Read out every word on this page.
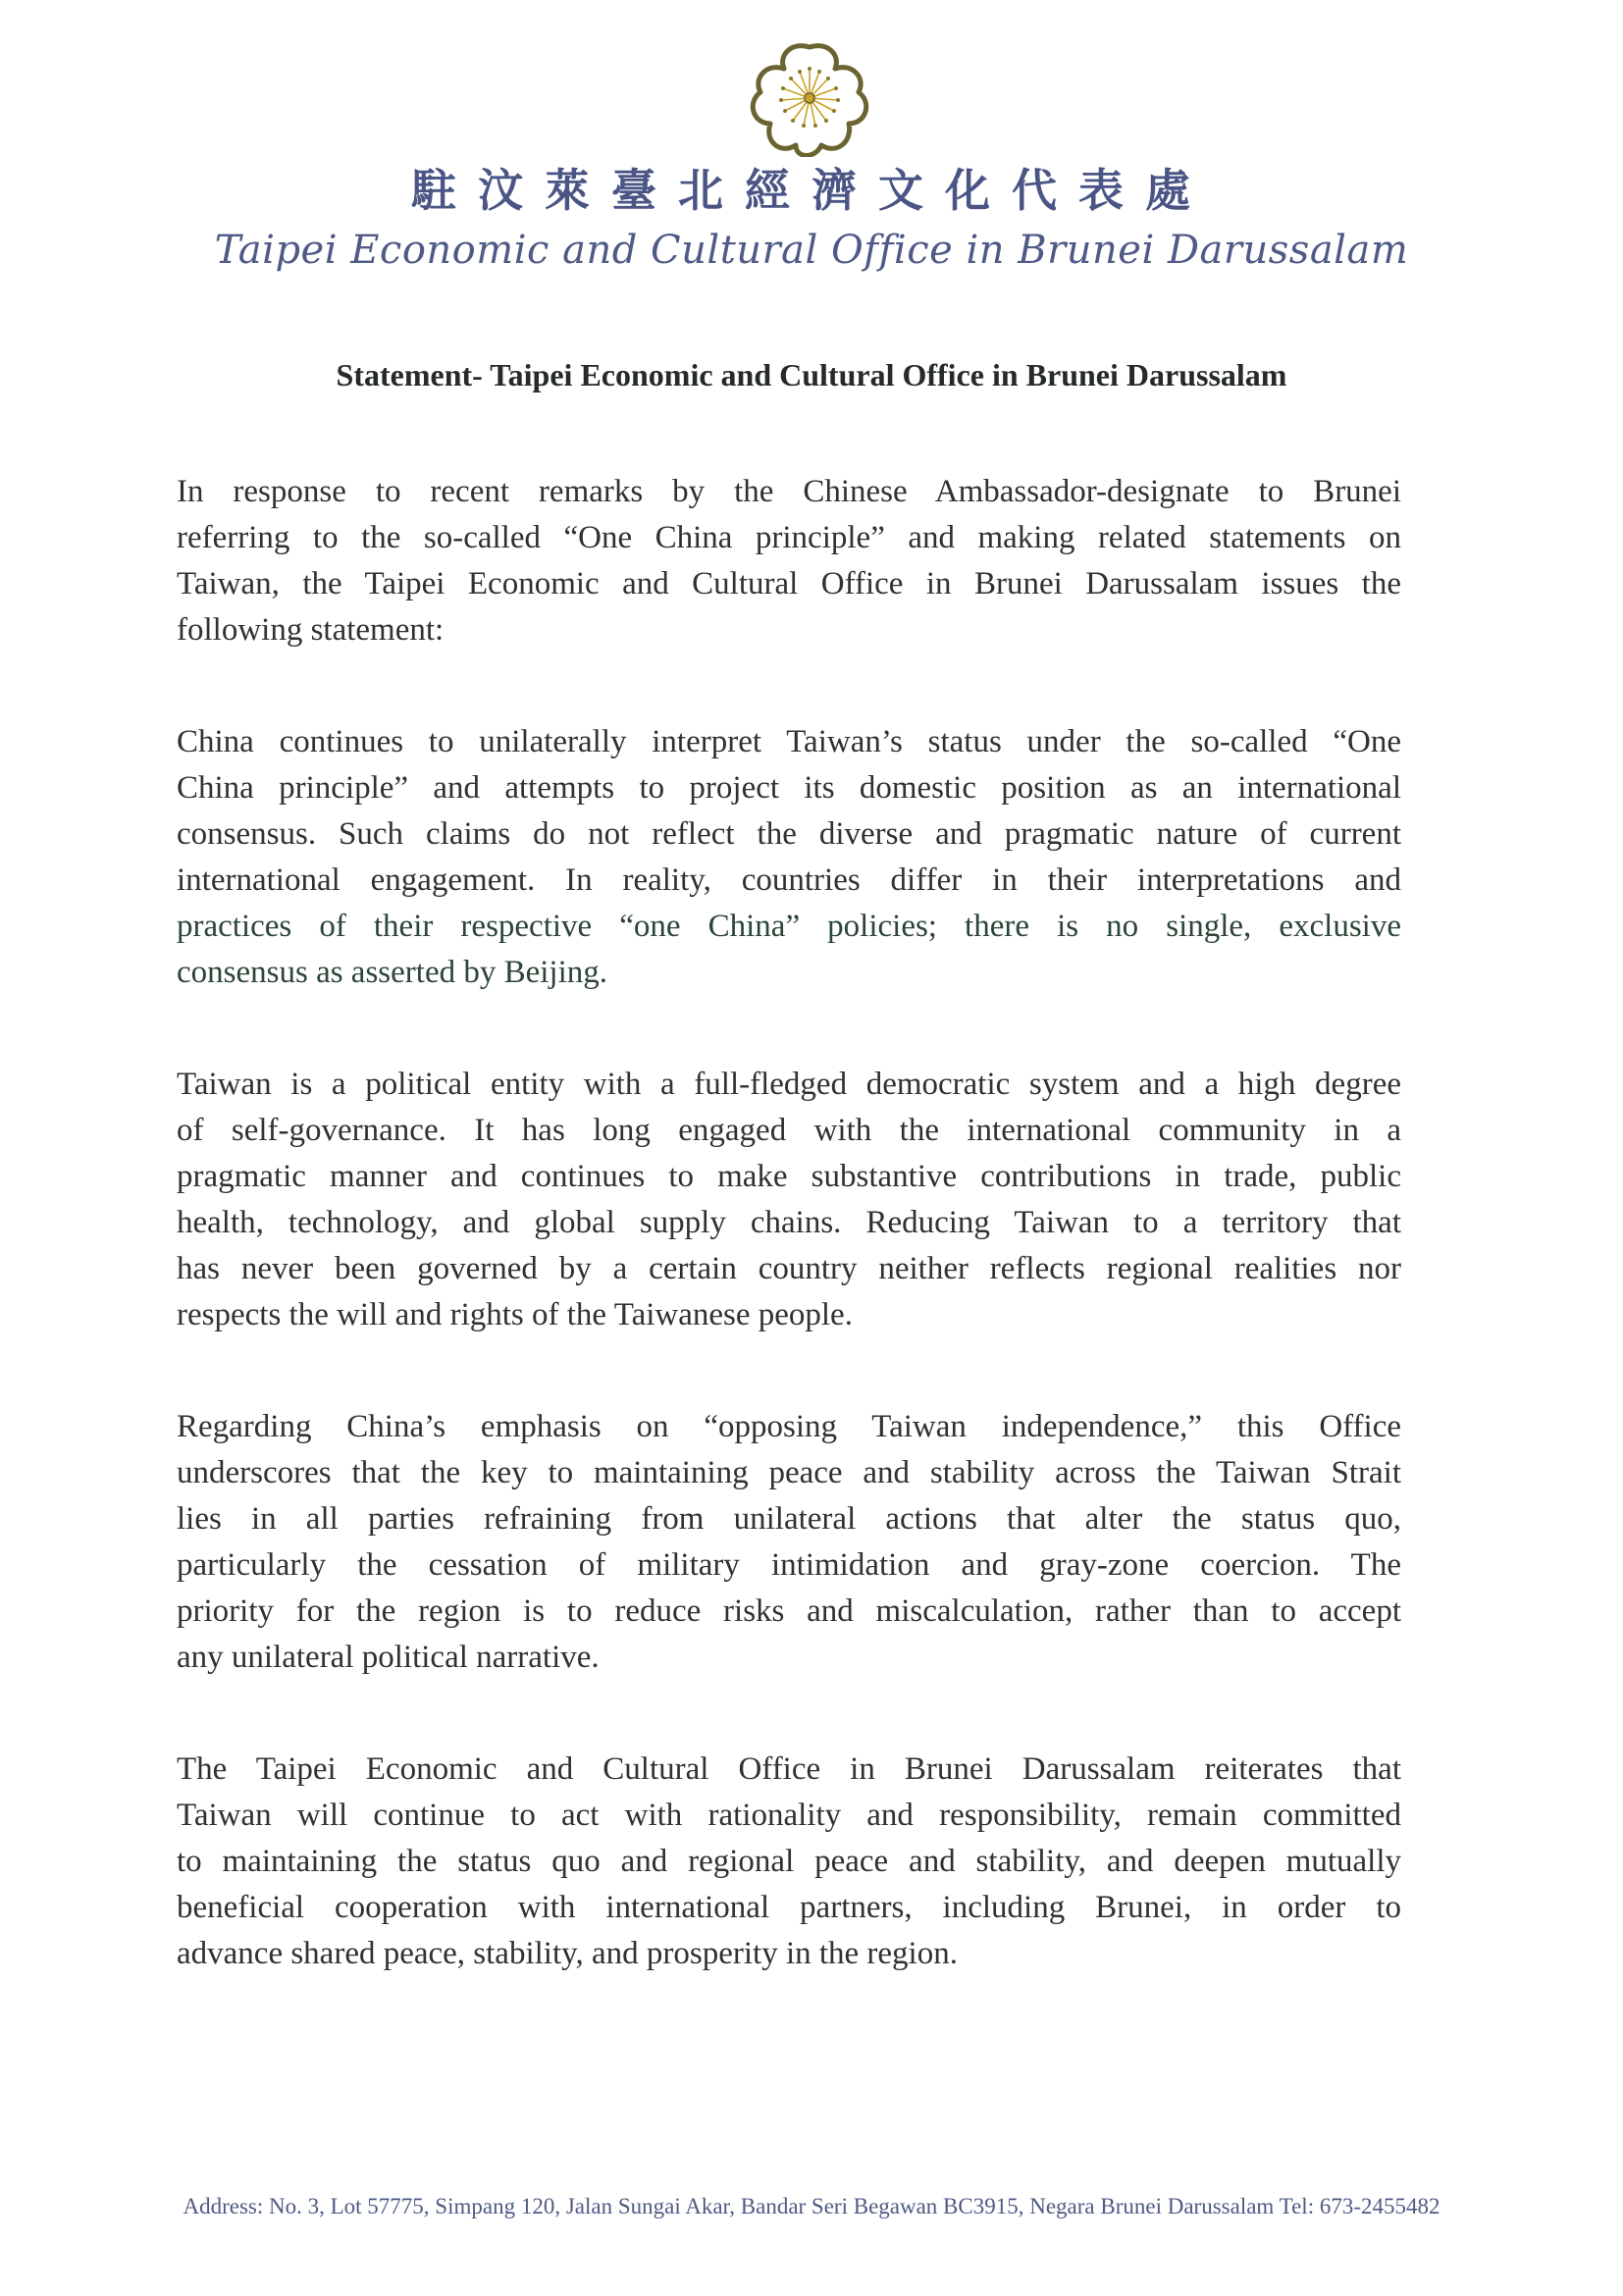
駐汶萊臺北經濟文化代表處
Taipei Economic and Cultural Office in Brunei Darussalam
Statement- Taipei Economic and Cultural Office in Brunei Darussalam

In response to recent remarks by the Chinese Ambassador-designate to Brunei
referring to the so-called “One China principle” and making related statements on
Taiwan, the Taipei Economic and Cultural Office in Brunei Darussalam issues the
following statement:

China continues to unilaterally interpret Taiwan’s status under the so-called “One
China principle” and attempts to project its domestic position as an international
consensus. Such claims do not reflect the diverse and pragmatic nature of current
international engagement. In reality, countries differ in their interpretations and
practices of their respective “one China” policies; there is no single, exclusive
consensus as asserted by Beijing.

Taiwan is a political entity with a full-fledged democratic system and a high degree
of self-governance. It has long engaged with the international community in a
pragmatic manner and continues to make substantive contributions in trade, public
health, technology, and global supply chains. Reducing Taiwan to a territory that
has never been governed by a certain country neither reflects regional realities nor
respects the will and rights of the Taiwanese people.

Regarding China’s emphasis on “opposing Taiwan independence,” this Office
underscores that the key to maintaining peace and stability across the Taiwan Strait
lies in all parties refraining from unilateral actions that alter the status quo,
particularly the cessation of military intimidation and gray-zone coercion. The
priority for the region is to reduce risks and miscalculation, rather than to accept
any unilateral political narrative.

The Taipei Economic and Cultural Office in Brunei Darussalam reiterates that
Taiwan will continue to act with rationality and responsibility, remain committed
to maintaining the status quo and regional peace and stability, and deepen mutually
beneficial cooperation with international partners, including Brunei, in order to
advance shared peace, stability, and prosperity in the region.

Address: No. 3, Lot 57775, Simpang 120, Jalan Sungai Akar, Bandar Seri Begawan BC3915, Negara Brunei Darussalam Tel: 673-2455482
